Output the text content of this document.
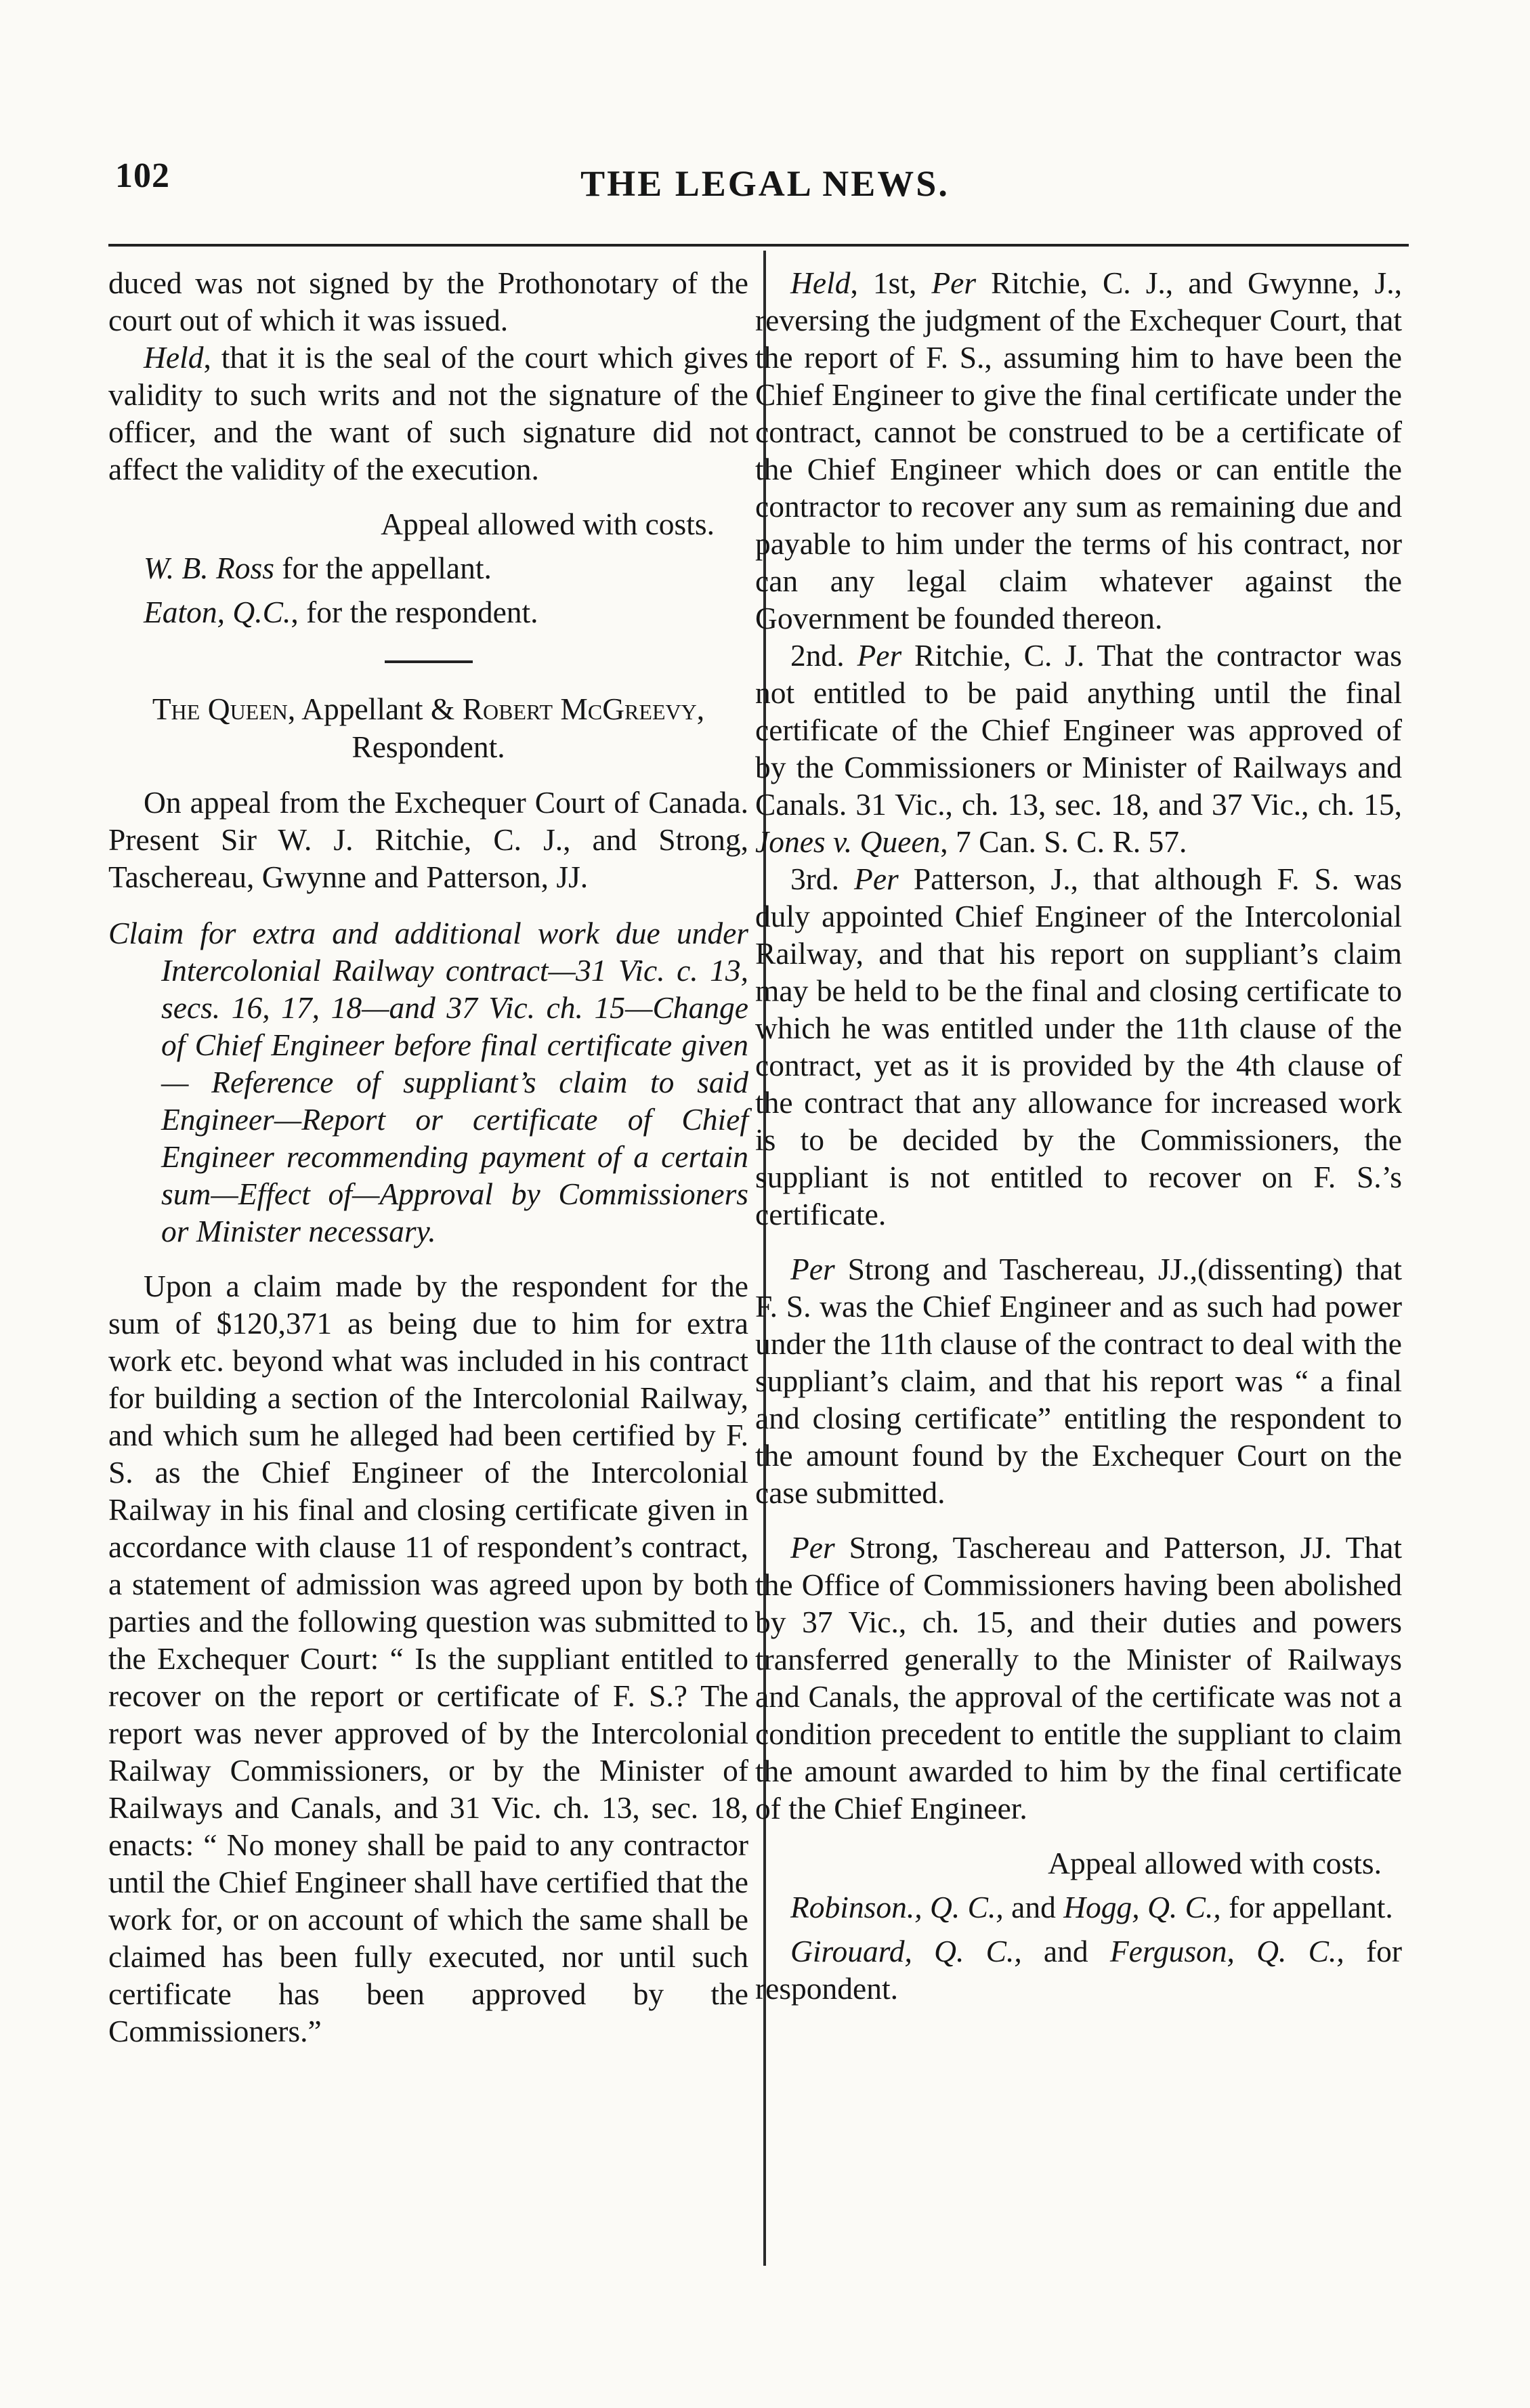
102	THE LEGAL NEWS.

duced was not signed by the Prothonotary of the court out of which it was issued.

Held, that it is the seal of the court which gives validity to such writs and not the signature of the officer, and the want of such signature did not affect the validity of the execution.

Appeal allowed with costs.

W. B. Ross for the appellant.

Eaton, Q.C., for the respondent.

The Queen, Appellant & Robert McGreevy, Respondent.

On appeal from the Exchequer Court of Canada. Present Sir W. J. Ritchie, C. J., and Strong, Taschereau, Gwynne and Patterson, JJ.

Claim for extra and additional work due under Intercolonial Railway contract—31 Vic. c. 13, secs. 16, 17, 18—and 37 Vic. ch. 15—Change of Chief Engineer before final certificate given — Reference of suppliant’s claim to said Engineer—Report or certificate of Chief Engineer recommending payment of a certain sum—Effect of—Approval by Commissioners or Minister necessary.

Upon a claim made by the respondent for the sum of $120,371 as being due to him for extra work etc. beyond what was included in his contract for building a section of the Intercolonial Railway, and which sum he alleged had been certified by F. S. as the Chief Engineer of the Intercolonial Railway in his final and closing certificate given in accordance with clause 11 of respondent’s contract, a statement of admission was agreed upon by both parties and the following question was submitted to the Exchequer Court: “ Is the suppliant entitled to recover on the report or certificate of F. S.? The report was never approved of by the Intercolonial Railway Commissioners, or by the Minister of Railways and Canals, and 31 Vic. ch. 13, sec. 18, enacts: “ No money shall be paid to any contractor until the Chief Engineer shall have certified that the work for, or on account of which the same shall be claimed has been fully executed, nor until such certificate has been approved by the Commissioners.”

Held, 1st, Per Ritchie, C. J., and Gwynne, J., reversing the judgment of the Exchequer Court, that the report of F. S., assuming him to have been the Chief Engineer to give the final certificate under the contract, cannot be construed to be a certificate of the Chief Engineer which does or can entitle the contractor to recover any sum as remaining due and payable to him under the terms of his contract, nor can any legal claim whatever against the Government be founded thereon.

2nd. Per Ritchie, C. J. That the contractor was not entitled to be paid anything until the final certificate of the Chief Engineer was approved of by the Commissioners or Minister of Railways and Canals. 31 Vic., ch. 13, sec. 18, and 37 Vic., ch. 15, Jones v. Queen, 7 Can. S. C. R. 57.

3rd. Per Patterson, J., that although F. S. was duly appointed Chief Engineer of the Intercolonial Railway, and that his report on suppliant’s claim may be held to be the final and closing certificate to which he was entitled under the 11th clause of the contract, yet as it is provided by the 4th clause of the contract that any allowance for increased work is to be decided by the Commissioners, the suppliant is not entitled to recover on F. S.’s certificate.

Per Strong and Taschereau, JJ.,(dissenting) that F. S. was the Chief Engineer and as such had power under the 11th clause of the contract to deal with the suppliant’s claim, and that his report was “ a final and closing certificate” entitling the respondent to the amount found by the Exchequer Court on the case submitted.

Per Strong, Taschereau and Patterson, JJ. That the Office of Commissioners having been abolished by 37 Vic., ch. 15, and their duties and powers transferred generally to the Minister of Railways and Canals, the approval of the certificate was not a condition precedent to entitle the suppliant to claim the amount awarded to him by the final certificate of the Chief Engineer.

Appeal allowed with costs.

Robinson., Q. C., and Hogg, Q. C., for appellant.

Girouard, Q. C., and Ferguson, Q. C., for respondent.
